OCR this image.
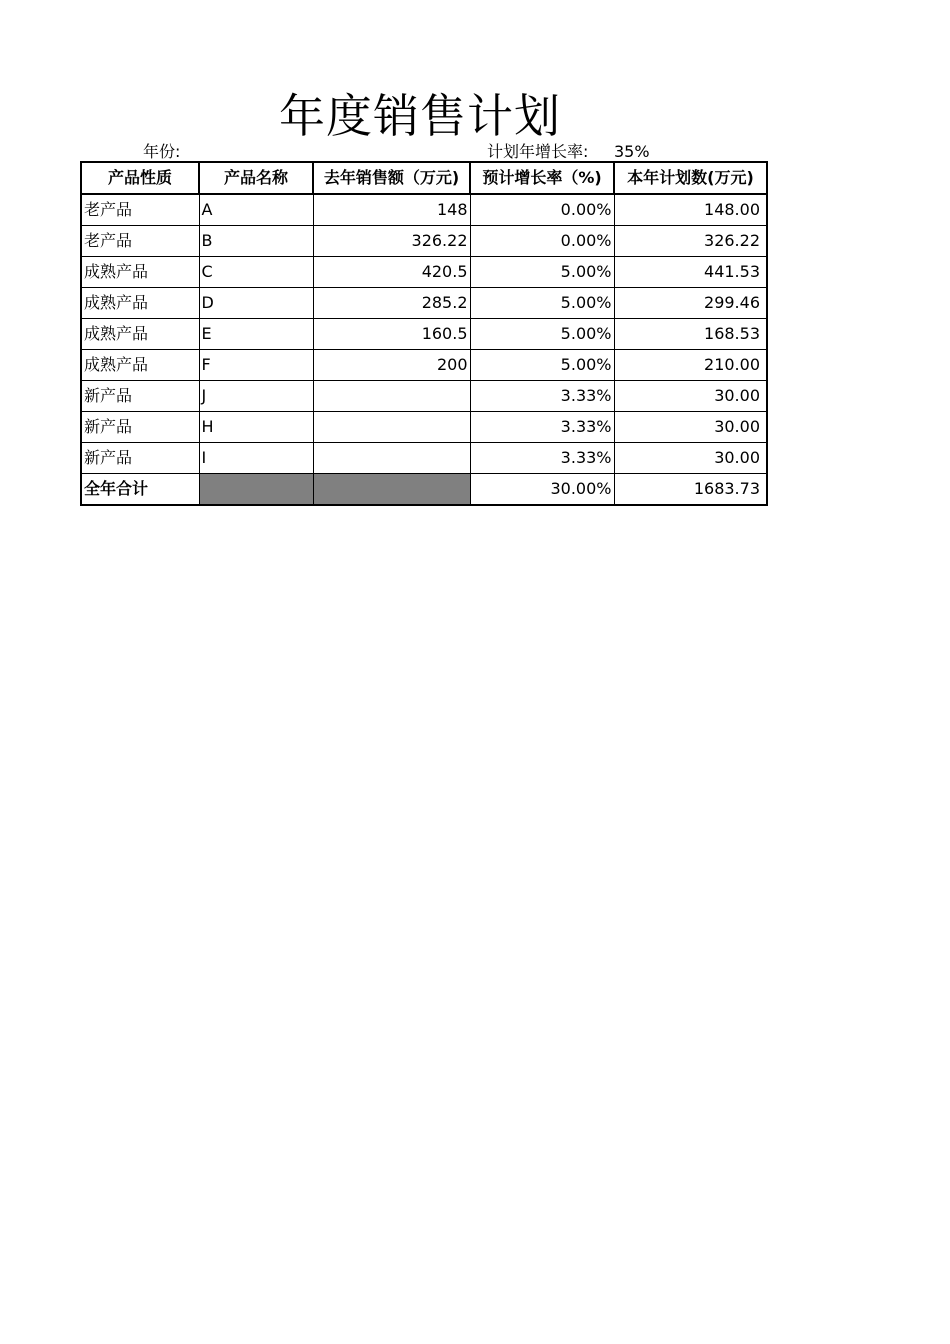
年度销售计划
年份:	计划年增长率: 35%
产品性质	产品名称	去年销售额（万元)	预计增长率（%)	本年计划数(万元)
老产品	A	148	0.00%	148.00
老产品	B	326.22	0.00%	326.22
成熟产品	C	420.5	5.00%	441.53
成熟产品	D	285.2	5.00%	299.46
成熟产品	E	160.5	5.00%	168.53
成熟产品	F	200	5.00%	210.00
新产品	J		3.33%	30.00
新产品	H		3.33%	30.00
新产品	I		3.33%	30.00
全年合计			30.00%	1683.73
